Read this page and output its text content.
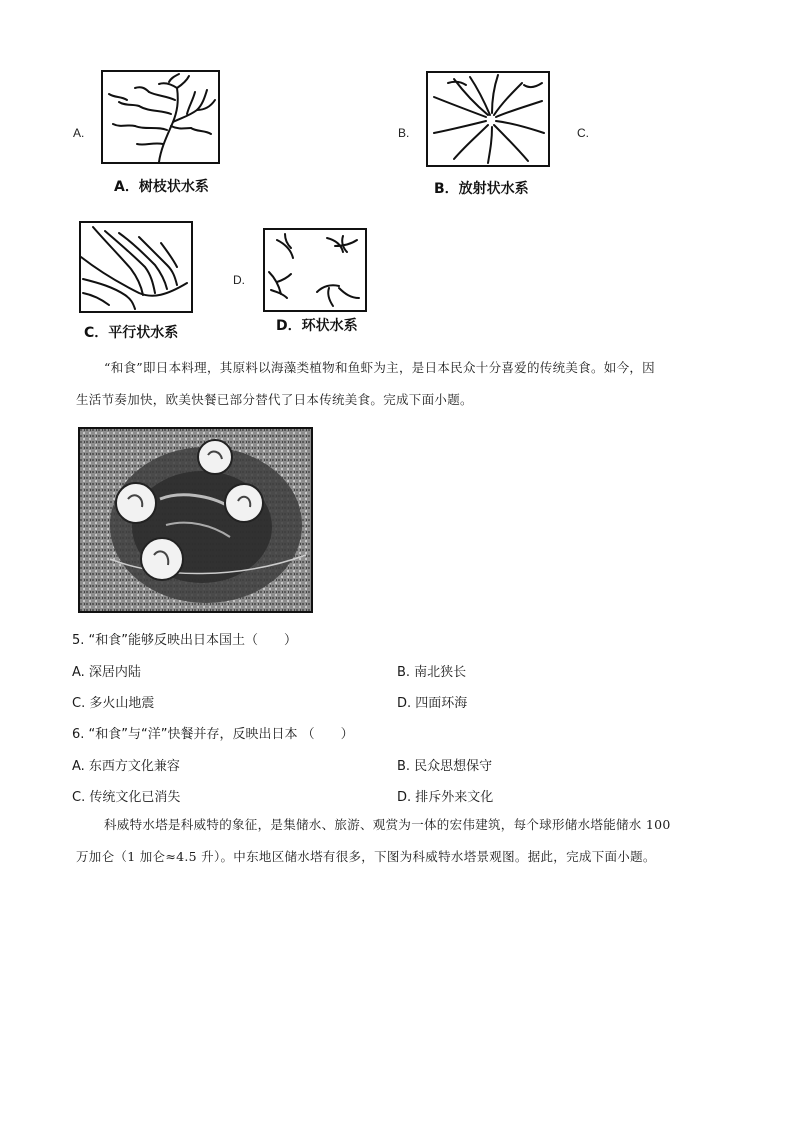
A.
A．树枝状水系
B.	C.
B．放射状水系
C．平行状水系
D.
D．环状水系
“和食”即日本料理，其原料以海藻类植物和鱼虾为主，是日本民众十分喜爱的传统美食。如今，因
生活节奏加快，欧美快餐已部分替代了日本传统美食。完成下面小题。
5. “和食”能够反映出日本国土（　　）
A. 深居内陆	B. 南北狭长
C. 多火山地震	D. 四面环海
6. “和食”与“洋”快餐并存，反映出日本 （　　）
A. 东西方文化兼容	B. 民众思想保守
C. 传统文化已消失	D. 排斥外来文化
科威特水塔是科威特的象征，是集储水、旅游、观赏为一体的宏伟建筑，每个球形储水塔能储水 100
万加仑（1 加仑≈4.5 升）。中东地区储水塔有很多，下图为科威特水塔景观图。据此，完成下面小题。
